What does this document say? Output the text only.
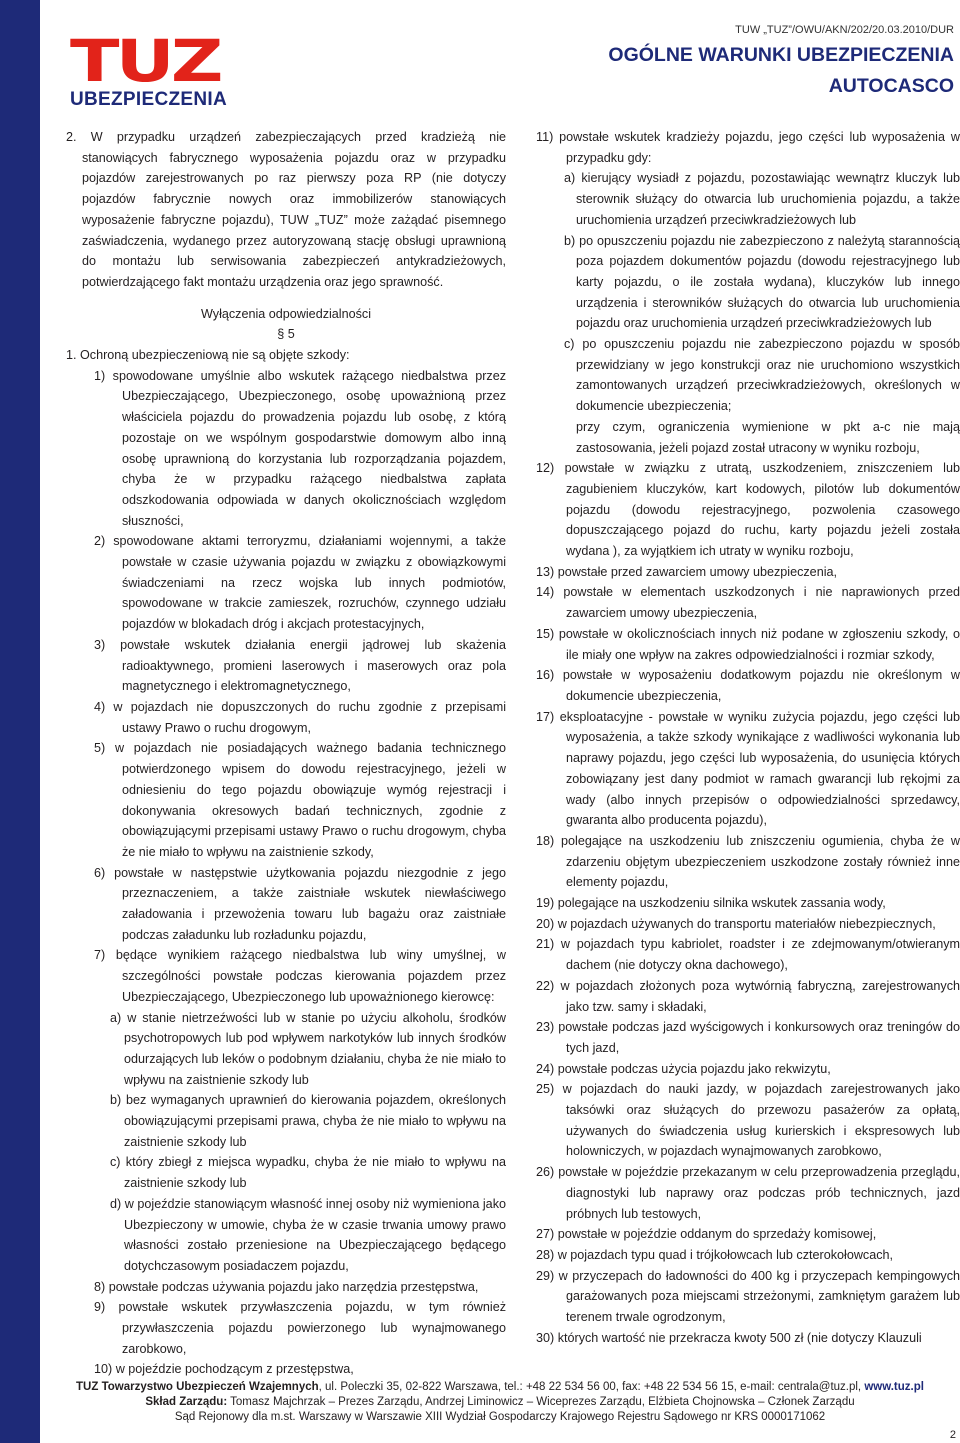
TUZ
UBEZPIECZENIA
TUW „TUZ”/OWU/AKN/202/20.03.2010/DUR
OGÓLNE WARUNKI UBEZPIECZENIA
AUTOCASCO

2. W przypadku urządzeń zabezpieczających przed kradzieżą nie stanowiących fabrycznego wyposażenia pojazdu oraz w przypadku pojazdów zarejestrowanych po raz pierwszy poza RP (nie dotyczy pojazdów fabrycznie nowych oraz immobilizerów stanowiących wyposażenie fabryczne pojazdu), TUW „TUZ” może zażądać pisemnego zaświadczenia, wydanego przez autoryzowaną stację obsługi uprawnioną do montażu lub serwisowania zabezpieczeń antykradzieżowych, potwierdzającego fakt montażu urządzenia oraz jego sprawność.

Wyłączenia odpowiedzialności

§ 5

1. Ochroną ubezpieczeniową nie są objęte szkody:

1) spowodowane umyślnie albo wskutek rażącego niedbalstwa przez Ubezpieczającego, Ubezpieczonego, osobę upoważnioną przez właściciela pojazdu do prowadzenia pojazdu lub osobę, z którą pozostaje on we wspólnym gospodarstwie domowym albo inną osobę uprawnioną do korzystania lub rozporządzania pojazdem, chyba że w przypadku rażącego niedbalstwa zapłata odszkodowania odpowiada w danych okolicznościach względom słuszności,

2) spowodowane aktami terroryzmu, działaniami wojennymi, a także powstałe w czasie używania pojazdu w związku z obowiązkowymi świadczeniami na rzecz wojska lub innych podmiotów, spowodowane w trakcie zamieszek, rozruchów, czynnego udziału pojazdów w blokadach dróg i akcjach protestacyjnych,

3) powstałe wskutek działania energii jądrowej lub skażenia radioaktywnego, promieni laserowych i maserowych oraz pola magnetycznego i elektromagnetycznego,

4) w pojazdach nie dopuszczonych do ruchu zgodnie z przepisami ustawy Prawo o ruchu drogowym,

5) w pojazdach nie posiadających ważnego badania technicznego potwierdzonego wpisem do dowodu rejestracyjnego, jeżeli w odniesieniu do tego pojazdu obowiązuje wymóg rejestracji i dokonywania okresowych badań technicznych, zgodnie z obowiązującymi przepisami ustawy Prawo o ruchu drogowym, chyba że nie miało to wpływu na zaistnienie szkody,

6) powstałe w następstwie użytkowania pojazdu niezgodnie z jego przeznaczeniem, a także zaistniałe wskutek niewłaściwego załadowania i przewożenia towaru lub bagażu oraz zaistniałe podczas załadunku lub rozładunku pojazdu,

7) będące wynikiem rażącego niedbalstwa lub winy umyślnej, w szczególności powstałe podczas kierowania pojazdem przez Ubezpieczającego, Ubezpieczonego lub upoważnionego kierowcę:

a) w stanie nietrzeźwości lub w stanie po użyciu alkoholu, środków psychotropowych lub pod wpływem narkotyków lub innych środków odurzających lub leków o podobnym działaniu, chyba że nie miało to wpływu na zaistnienie szkody lub

b) bez wymaganych uprawnień do kierowania pojazdem, określonych obowiązującymi przepisami prawa, chyba że nie miało to wpływu na zaistnienie szkody lub

c) który zbiegł z miejsca wypadku, chyba że nie miało to wpływu na zaistnienie szkody lub

d) w pojeździe stanowiącym własność innej osoby niż wymieniona jako Ubezpieczony w umowie, chyba że w czasie trwania umowy prawo własności zostało przeniesione na Ubezpieczającego będącego dotychczasowym posiadaczem pojazdu,

8) powstałe podczas używania pojazdu jako narzędzia przestępstwa,

9) powstałe wskutek przywłaszczenia pojazdu, w tym również przywłaszczenia pojazdu powierzonego lub wynajmowanego zarobkowo,

10) w pojeździe pochodzącym z przestępstwa,

11) powstałe wskutek kradzieży pojazdu, jego części lub wyposażenia w przypadku gdy:

a) kierujący wysiadł z pojazdu, pozostawiając wewnątrz kluczyk lub sterownik służący do otwarcia lub uruchomienia pojazdu, a także uruchomienia urządzeń przeciwkradzieżowych lub

b) po opuszczeniu pojazdu nie zabezpieczono z należytą starannością poza pojazdem dokumentów pojazdu (dowodu rejestracyjnego lub karty pojazdu, o ile została wydana), kluczyków lub innego urządzenia i sterowników służących do otwarcia lub uruchomienia pojazdu oraz uruchomienia urządzeń przeciwkradzieżowych lub

c) po opuszczeniu pojazdu nie zabezpieczono pojazdu w sposób przewidziany w jego konstrukcji oraz nie uruchomiono wszystkich zamontowanych urządzeń przeciwkradzieżowych, określonych w dokumencie ubezpieczenia;

przy czym, ograniczenia wymienione w pkt a-c nie mają zastosowania, jeżeli pojazd został utracony w wyniku rozboju,

12) powstałe w związku z utratą, uszkodzeniem, zniszczeniem lub zagubieniem kluczyków, kart kodowych, pilotów lub dokumentów pojazdu (dowodu rejestracyjnego, pozwolenia czasowego dopuszczającego pojazd do ruchu, karty pojazdu jeżeli została wydana ), za wyjątkiem ich utraty w wyniku rozboju,

13) powstałe przed zawarciem umowy ubezpieczenia,

14) powstałe w elementach uszkodzonych i nie naprawionych przed zawarciem umowy ubezpieczenia,

15) powstałe w okolicznościach innych niż podane w zgłoszeniu szkody, o ile miały one wpływ na zakres odpowiedzialności i rozmiar szkody,

16) powstałe w wyposażeniu dodatkowym pojazdu nie określonym w dokumencie ubezpieczenia,

17) eksploatacyjne - powstałe w wyniku zużycia pojazdu, jego części lub wyposażenia, a także szkody wynikające z wadliwości wykonania lub naprawy pojazdu, jego części lub wyposażenia, do usunięcia których zobowiązany jest dany podmiot w ramach gwarancji lub rękojmi za wady (albo innych przepisów o odpowiedzialności sprzedawcy, gwaranta albo producenta pojazdu),

18) polegające na uszkodzeniu lub zniszczeniu ogumienia, chyba że w zdarzeniu objętym ubezpieczeniem uszkodzone zostały również inne elementy pojazdu,

19) polegające na uszkodzeniu silnika wskutek zassania wody,

20) w pojazdach używanych do transportu materiałów niebezpiecznych,

21) w pojazdach typu kabriolet, roadster i ze zdejmowanym/otwieranym dachem (nie dotyczy okna dachowego),

22) w pojazdach złożonych poza wytwórnią fabryczną, zarejestrowanych jako tzw. samy i składaki,

23) powstałe podczas jazd wyścigowych i konkursowych oraz treningów do tych jazd,

24) powstałe podczas użycia pojazdu jako rekwizytu,

25) w pojazdach do nauki jazdy, w pojazdach zarejestrowanych jako taksówki oraz służących do przewozu pasażerów za opłatą, używanych do świadczenia usług kurierskich i ekspresowych lub holowniczych, w pojazdach wynajmowanych zarobkowo,

26) powstałe w pojeździe przekazanym w celu przeprowadzenia przeglądu, diagnostyki lub naprawy oraz podczas prób technicznych, jazd próbnych lub testowych,

27) powstałe w pojeździe oddanym do sprzedaży komisowej,

28) w pojazdach typu quad i trójkołowcach lub czterokołowcach,

29) w przyczepach do ładowności do 400 kg i przyczepach kempingowych garażowanych poza miejscami strzeżonymi, zamkniętym garażem lub terenem trwale ogrodzonym,

30) których wartość nie przekracza kwoty 500 zł (nie dotyczy Klauzuli

TUZ Towarzystwo Ubezpieczeń Wzajemnych, ul. Poleczki 35, 02-822 Warszawa, tel.: +48 22 534 56 00, fax: +48 22 534 56 15, e-mail: centrala@tuz.pl, www.tuz.pl
Skład Zarządu: Tomasz Majchrzak – Prezes Zarządu, Andrzej Liminowicz – Wiceprezes Zarządu, Elżbieta Chojnowska – Członek Zarządu
Sąd Rejonowy dla m.st. Warszawy w Warszawie XIII Wydział Gospodarczy Krajowego Rejestru Sądowego nr KRS 0000171062
2
